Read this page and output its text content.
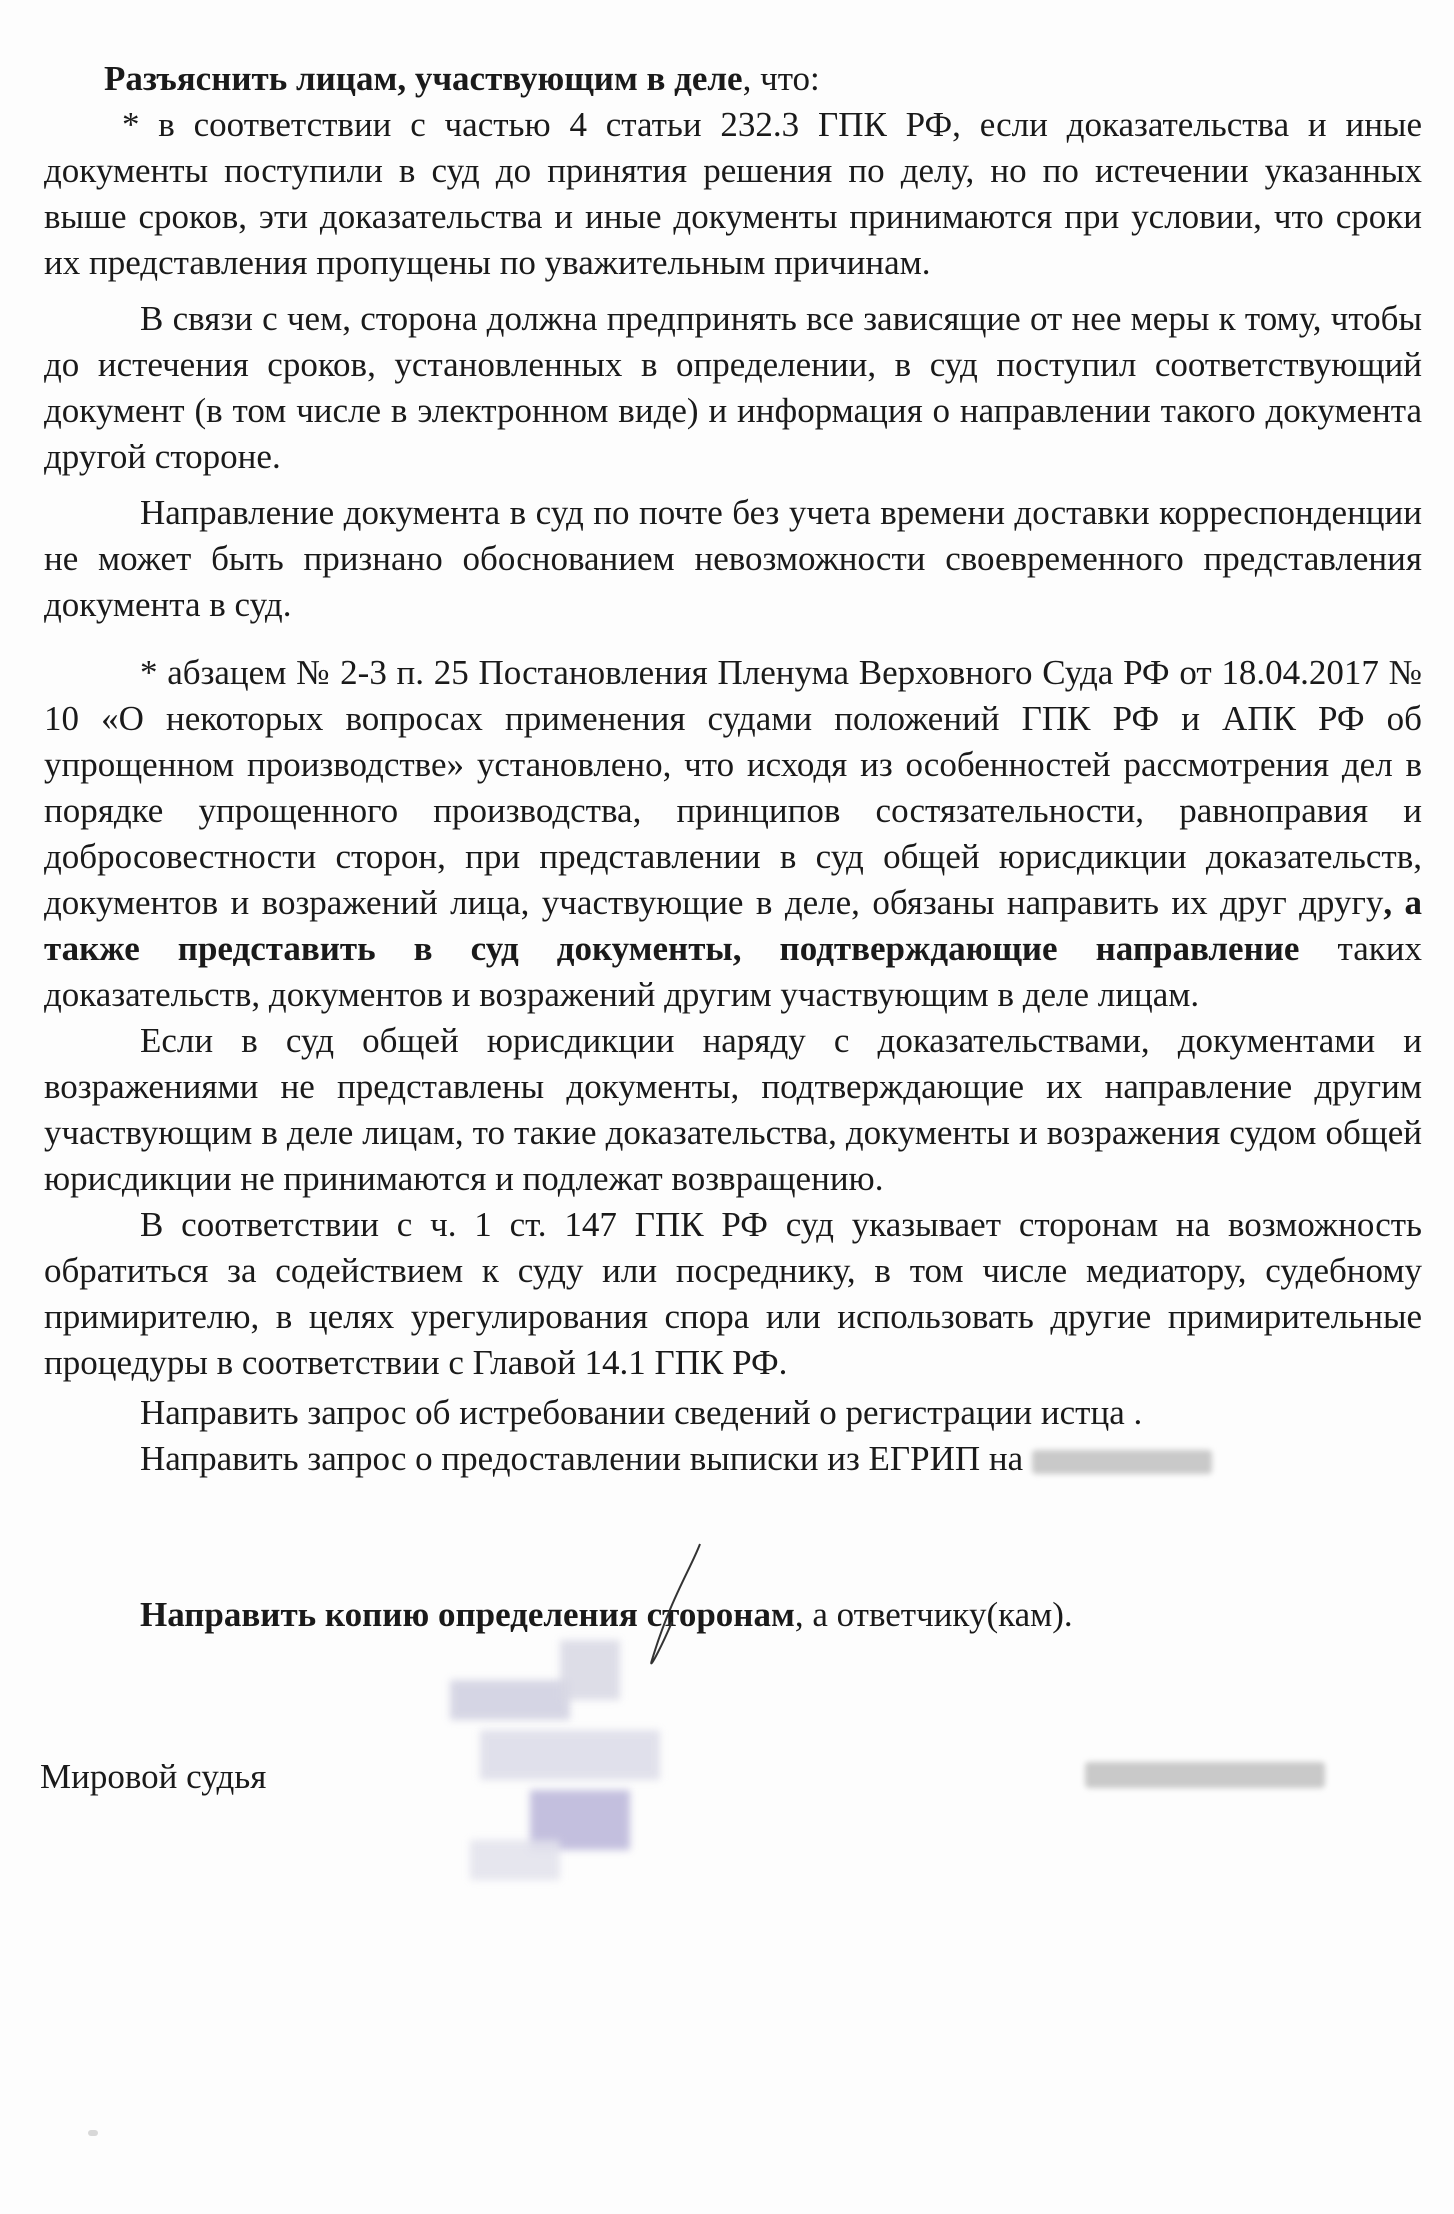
Разъяснить лицам, участвующим в деле, что:

* в соответствии с частью 4 статьи 232.3 ГПК РФ, если доказательства и иные документы поступили в суд до принятия решения по делу, но по истечении указанных выше сроков, эти доказательства и иные документы принимаются при условии, что сроки их представления пропущены по уважительным причинам.

В связи с чем, сторона должна предпринять все зависящие от нее меры к тому, чтобы до истечения сроков, установленных в определении, в суд поступил соответствующий документ (в том числе в электронном виде) и информация о направлении такого документа другой стороне.

Направление документа в суд по почте без учета времени доставки корреспонденции не может быть признано обоснованием невозможности своевременного представления документа в суд.

* абзацем № 2-3 п. 25 Постановления Пленума Верховного Суда РФ от 18.04.2017 № 10 «О некоторых вопросах применения судами положений ГПК РФ и АПК РФ об упрощенном производстве» установлено, что исходя из особенностей рассмотрения дел в порядке упрощенного производства, принципов состязательности, равноправия и добросовестности сторон, при представлении в суд общей юрисдикции доказательств, документов и возражений лица, участвующие в деле, обязаны направить их друг другу, а также представить в суд документы, подтверждающие направление таких доказательств, документов и возражений другим участвующим в деле лицам.

Если в суд общей юрисдикции наряду с доказательствами, документами и возражениями не представлены документы, подтверждающие их направление другим участвующим в деле лицам, то такие доказательства, документы и возражения судом общей юрисдикции не принимаются и подлежат возвращению.

В соответствии с ч. 1 ст. 147 ГПК РФ суд указывает сторонам на возможность обратиться за содействием к суду или посреднику, в том числе медиатору, судебному примирителю, в целях урегулирования спора или использовать другие примирительные процедуры в соответствии с Главой 14.1 ГПК РФ.

Направить запрос об истребовании сведений о регистрации истца .

Направить запрос о предоставлении выписки из ЕГРИП на

Направить копию определения сторонам, а ответчику(кам).

Мировой судья
